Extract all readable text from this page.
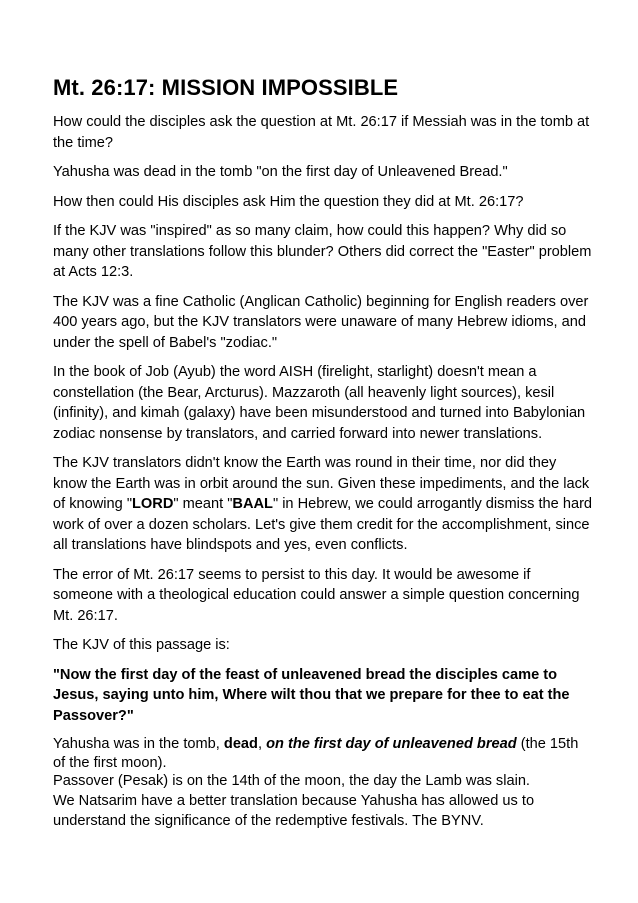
Mt. 26:17: MISSION IMPOSSIBLE

How could the disciples ask the question at Mt. 26:17 if Messiah was in the tomb at the time?

Yahusha was dead in the tomb "on the first day of Unleavened Bread."

How then could His disciples ask Him the question they did at Mt. 26:17?

If the KJV was "inspired" as so many claim, how could this happen? Why did so many other translations follow this blunder? Others did correct the "Easter" problem at Acts 12:3.

The KJV was a fine Catholic (Anglican Catholic) beginning for English readers over 400 years ago, but the KJV translators were unaware of many Hebrew idioms, and under the spell of Babel's "zodiac."

In the book of Job (Ayub) the word AISH (firelight, starlight) doesn't mean a constellation (the Bear, Arcturus). Mazzaroth (all heavenly light sources), kesil (infinity), and kimah (galaxy) have been misunderstood and turned into Babylonian zodiac nonsense by translators, and carried forward into newer translations.

The KJV translators didn't know the Earth was round in their time, nor did they know the Earth was in orbit around the sun. Given these impediments, and the lack of knowing "LORD" meant "BAAL" in Hebrew, we could arrogantly dismiss the hard work of over a dozen scholars. Let's give them credit for the accomplishment, since all translations have blindspots and yes, even conflicts.

The error of Mt. 26:17 seems to persist to this day. It would be awesome if someone with a theological education could answer a simple question concerning Mt. 26:17.

The KJV of this passage is:

"Now the first day of the feast of unleavened bread the disciples came to Jesus, saying unto him, Where wilt thou that we prepare for thee to eat the Passover?"

Yahusha was in the tomb, dead, on the first day of unleavened bread (the 15th of the first moon).

Passover (Pesak) is on the 14th of the moon, the day the Lamb was slain.

We Natsarim have a better translation because Yahusha has allowed us to understand the significance of the redemptive festivals. The BYNV.
